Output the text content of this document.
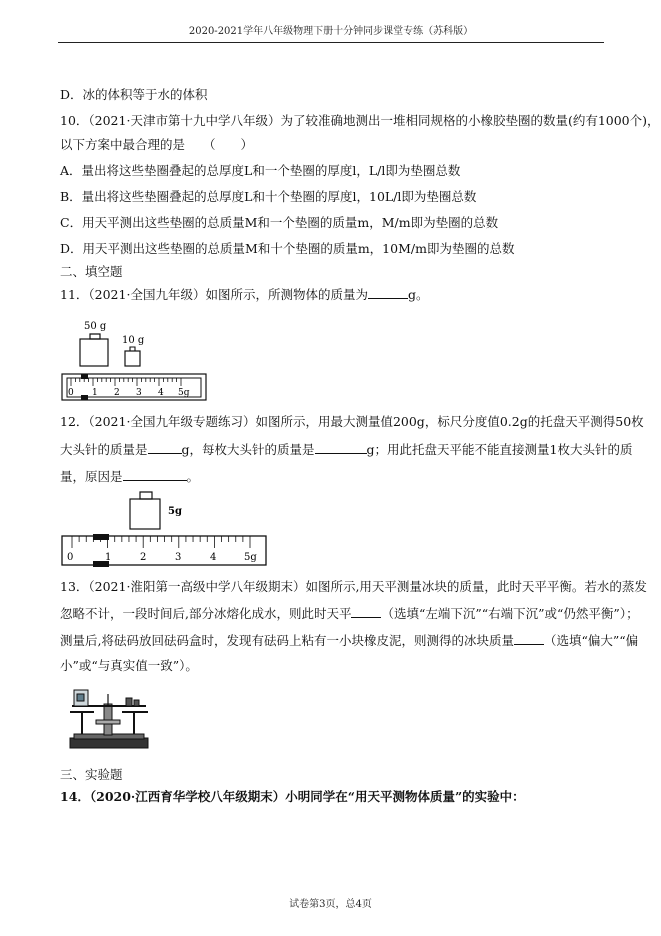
2020-2021学年八年级物理下册十分钟同步课堂专练（苏科版）
D．冰的体积等于水的体积
10．（2021·天津市第十九中学八年级）为了较准确地测出一堆相同规格的小橡胶垫圈的数量(约有1000个)，
以下方案中最合理的是 （　　）
A．量出将这些垫圈叠起的总厚度L和一个垫圈的厚度l，L/l即为垫圈总数
B．量出将这些垫圈叠起的总厚度L和十个垫圈的厚度l，10L/l即为垫圈总数
C．用天平测出这些垫圈的总质量M和一个垫圈的质量m，M/m即为垫圈的总数
D．用天平测出这些垫圈的总质量M和十个垫圈的质量m，10M/m即为垫圈的总数
二、填空题
11．（2021·全国九年级）如图所示，所测物体的质量为	g。
50 g
10 g
0 1 2 3 4 5g
12．（2021·全国九年级专题练习）如图所示，用最大测量值200g，标尺分度值0.2g的托盘天平测得50枚
大头针的质量是	g，每枚大头针的质量是	g；用此托盘天平能不能直接测量1枚大头针的质
量，原因是	。
5g
0	1	2	3	4	5g
13．（2021·淮阳第一高级中学八年级期末）如图所示,用天平测量冰块的质量，此时天平平衡。若水的蒸发
忽略不计，一段时间后,部分冰熔化成水，则此时天平 （选填“左端下沉”“右端下沉”或“仍然平衡”）；
测量后,将砝码放回砝码盒时，发现有砝码上粘有一小块橡皮泥，则测得的冰块质量 （选填“偏大”“偏
小”或“与真实值一致”）。
三、实验题
14．（2020·江西育华学校八年级期末）小明同学在“用天平测物体质量”的实验中：
试卷第3页，总4页
